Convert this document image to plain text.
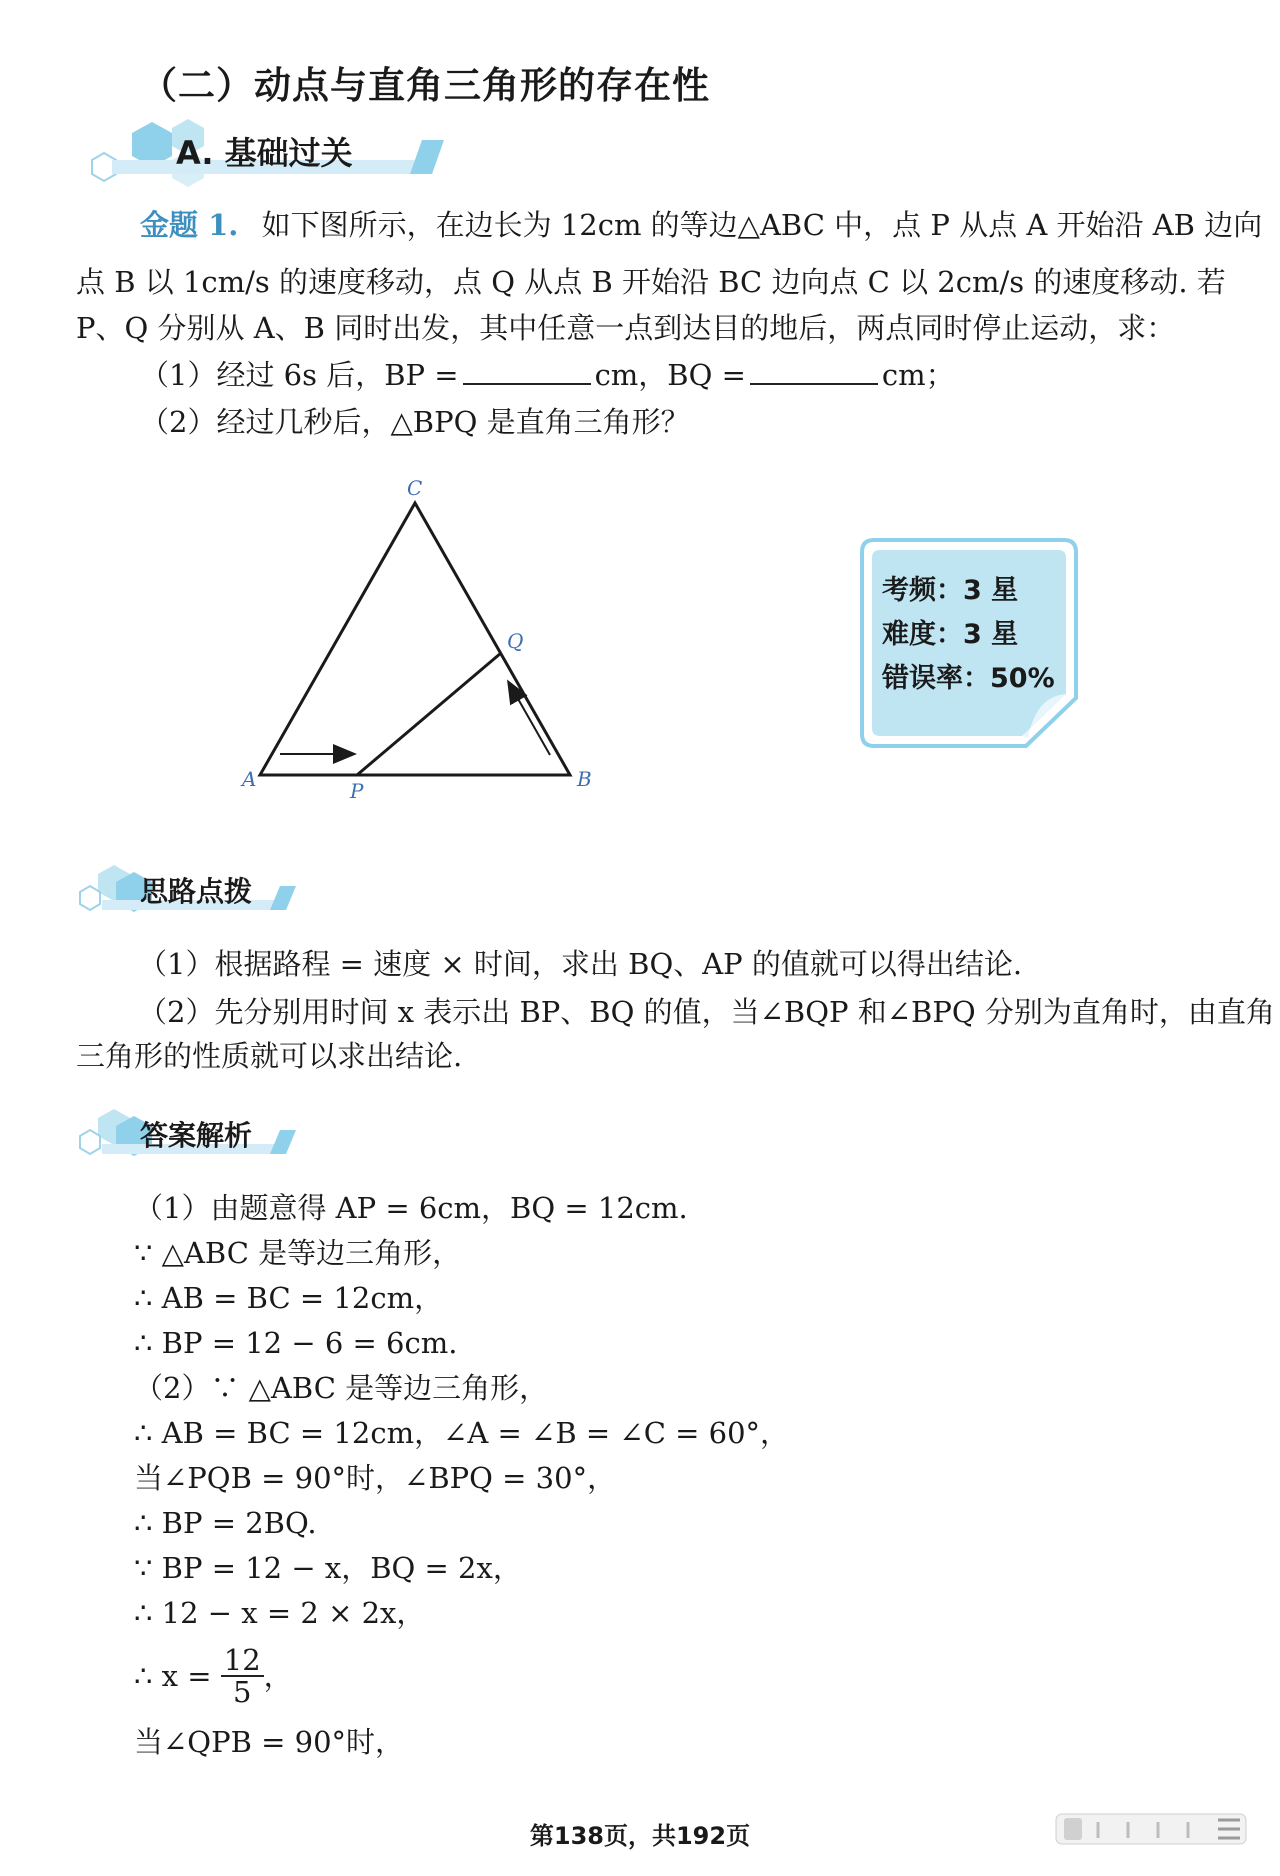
（二）动点与直角三角形的存在性
A. 基础过关
金题 1. 如下图所示，在边长为 12cm 的等边△ABC 中，点 P 从点 A 开始沿 AB 边向
点 B 以 1cm/s 的速度移动，点 Q 从点 B 开始沿 BC 边向点 C 以 2cm/s 的速度移动. 若
P、Q 分别从 A、B 同时出发，其中任意一点到达目的地后，两点同时停止运动，求：
（1）经过 6s 后，BP =	cm，BQ =	cm；
（2）经过几秒后，△BPQ 是直角三角形？
C
A	B
P
Q
考频：3 星
难度：3 星
错误率：50%
思路点拨
（1）根据路程 = 速度 × 时间，求出 BQ、AP 的值就可以得出结论.
（2）先分别用时间 x 表示出 BP、BQ 的值，当∠BQP 和∠BPQ 分别为直角时，由直角
三角形的性质就可以求出结论.
答案解析
（1）由题意得 AP = 6cm，BQ = 12cm.
∵ △ABC 是等边三角形，
∴ AB = BC = 12cm，
∴ BP = 12 − 6 = 6cm.
（2）∵ △ABC 是等边三角形，
∴ AB = BC = 12cm，∠A = ∠B = ∠C = 60°，
当∠PQB = 90°时，∠BPQ = 30°，
∴ BP = 2BQ.
∵ BP = 12 − x，BQ = 2x，
∴ 12 − x = 2 × 2x，
∴ $x = \frac{12}{5}$ ，
当∠QPB = 90°时，
第138页，共192页
